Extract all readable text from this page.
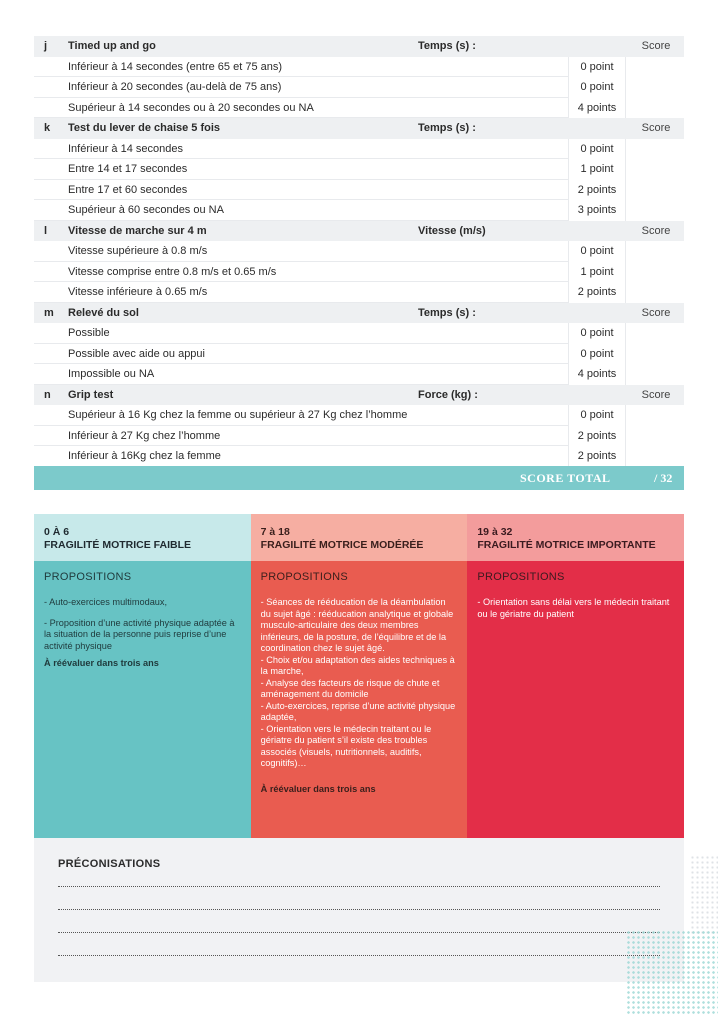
j	Timed up and go	Temps (s) :	Score
Inférieur à 14 secondes (entre 65 et 75 ans)	0 point
Inférieur à 20 secondes (au-delà de 75 ans)	0 point
Supérieur à 14 secondes ou à 20 secondes ou NA	4 points
k	Test du lever de chaise 5 fois	Temps (s) :	Score
Inférieur à 14 secondes	0 point
Entre 14 et 17 secondes	1 point
Entre 17 et 60 secondes	2 points
Supérieur à 60 secondes ou NA	3 points
l	Vitesse de marche sur 4 m	Vitesse (m/s)	Score
Vitesse supérieure à 0.8 m/s	0 point
Vitesse comprise entre 0.8 m/s et 0.65 m/s	1 point
Vitesse inférieure à 0.65 m/s	2 points
m	Relevé du sol	Temps (s) :	Score
Possible	0 point
Possible avec aide ou appui	0 point
Impossible ou NA	4 points
n	Grip test	Force (kg) :	Score
Supérieur à 16 Kg chez la femme ou supérieur à 27 Kg chez l’homme	0 point
Inférieur à 27 Kg chez l’homme	2 points
Inférieur à 16Kg chez la femme	2 points
SCORE TOTAL	/ 32
0 À 6
FRAGILITÉ MOTRICE FAIBLE
PROPOSITIONS
- Auto-exercices multimodaux,
- Proposition d’une activité physique adaptée à la situation de la personne puis reprise d’une activité physique
À réévaluer dans trois ans
7 à 18
FRAGILITÉ MOTRICE MODÉRÉE
PROPOSITIONS
- Séances de rééducation de la déambulation du sujet âgé : rééducation analytique et globale musculo-articulaire des deux membres inférieurs, de la posture, de l’équilibre et de la coordination chez le sujet âgé.
- Choix et/ou adaptation des aides techniques à la marche,
- Analyse des facteurs de risque de chute et aménagement du domicile
- Auto-exercices, reprise d’une activité physique adaptée,
- Orientation vers le médecin traitant ou le gériatre du patient s’il existe des troubles associés (visuels, nutritionnels, auditifs, cognitifs)…
À réévaluer dans trois ans
19 à 32
FRAGILITÉ MOTRICE IMPORTANTE
PROPOSITIONS
- Orientation sans délai vers le médecin traitant ou le gériatre du patient
PRÉCONISATIONS
